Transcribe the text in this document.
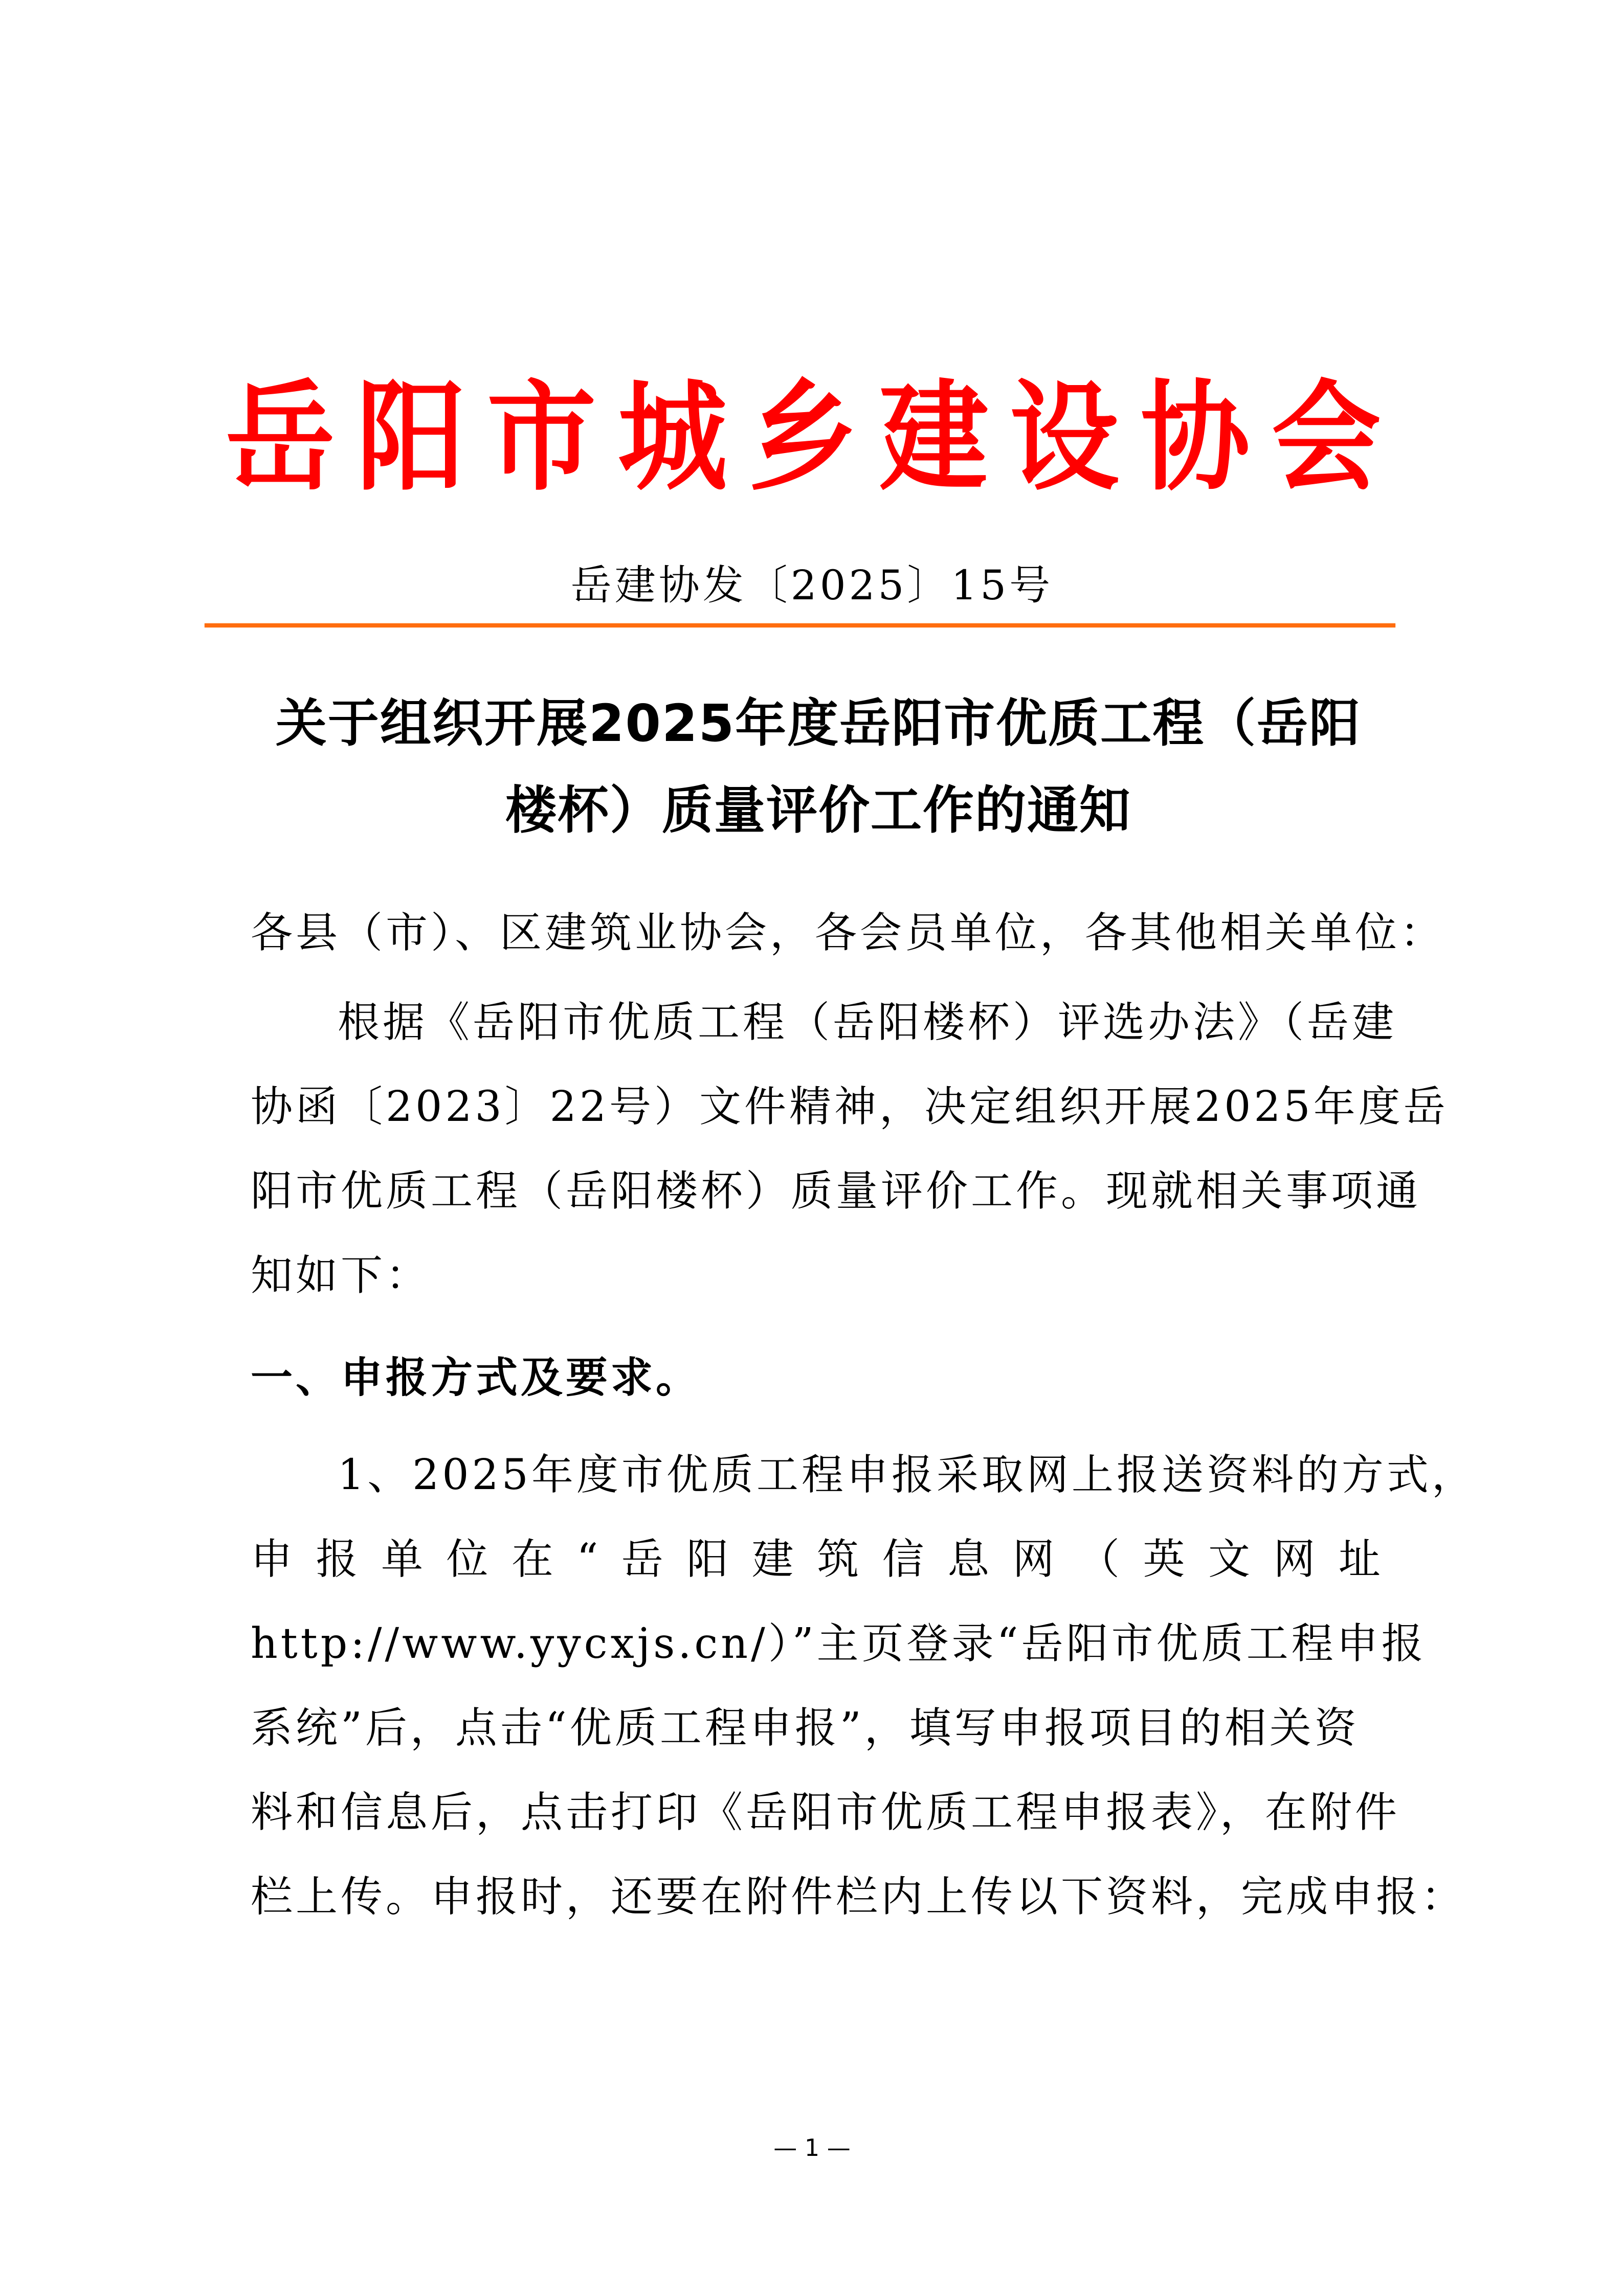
岳 阳 市 城 乡 建 设 协 会
岳建协发〔2025〕15号
关于组织开展2025年度岳阳市优质工程（岳阳
楼杯）质量评价工作的通知
各县（市）、区建筑业协会，各会员单位，各其他相关单位：
根据《岳阳市优质工程（岳阳楼杯）评选办法》（岳建
协函〔2023〕22号）文件精神，决定组织开展2025年度岳
阳市优质工程（岳阳楼杯）质量评价工作。现就相关事项通
知如下：
一、申报方式及要求。
1、2025年度市优质工程申报采取网上报送资料的方式，
申 报 单 位 在 “ 岳 阳 建 筑 信 息 网 （ 英 文 网 址
http://www.yycxjs.cn/）”主页登录“岳阳市优质工程申报
系统”后，点击“优质工程申报”，填写申报项目的相关资
料和信息后，点击打印《岳阳市优质工程申报表》，在附件
栏上传。申报时，还要在附件栏内上传以下资料，完成申报：
— 1 —
